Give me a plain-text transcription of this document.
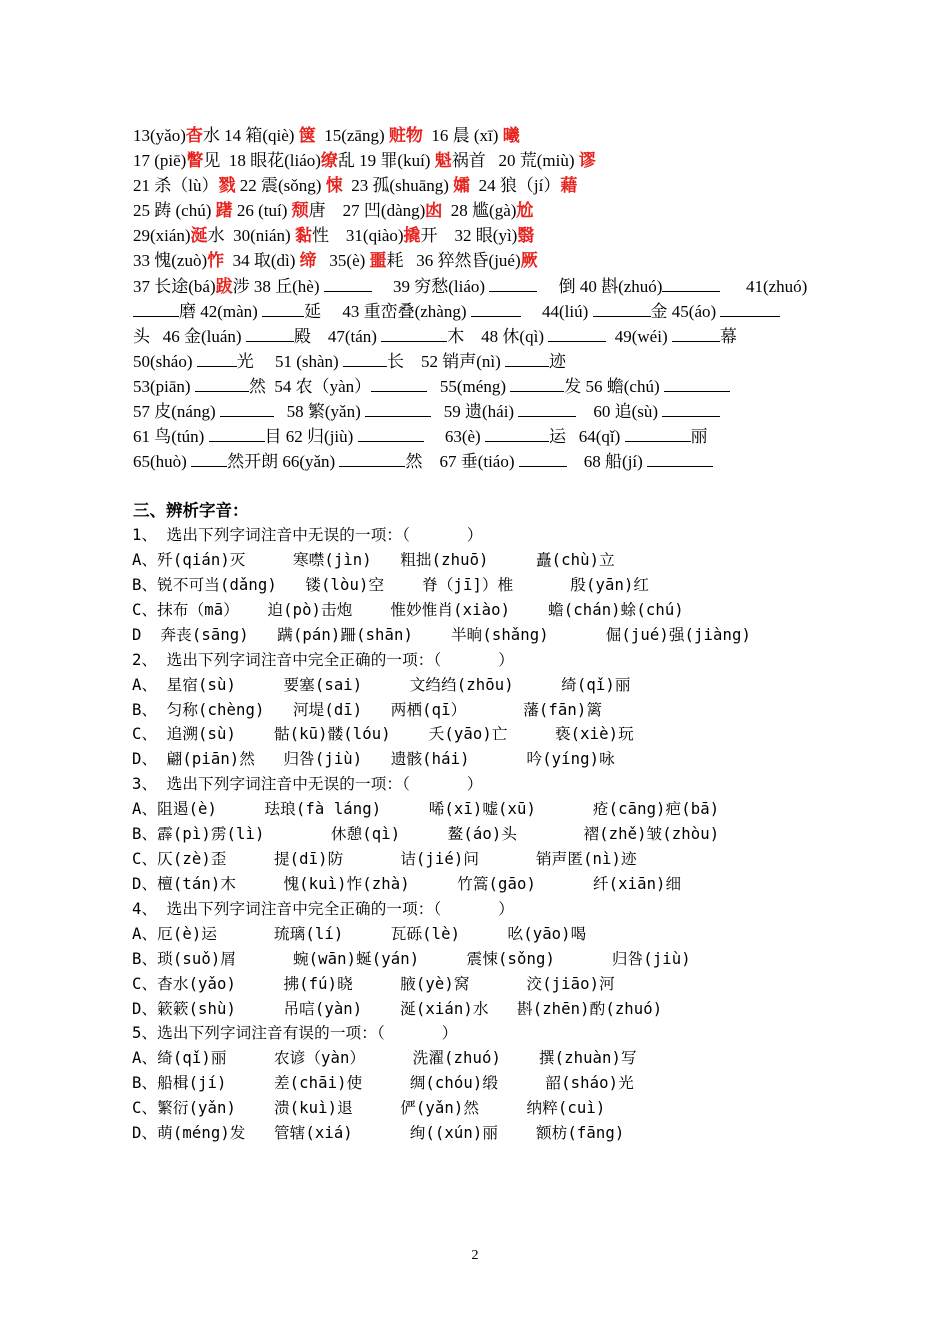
13(yǎo)杳水 14 箱(qiè) 箧  15(zāng) 赃物  16 晨 (xī) 曦
17 (piē)瞥见  18 眼花(liáo)缭乱 19 罪(kuí) 魁祸首   20 荒(miù) 谬
21 杀（lù）戮 22 震(sǒng) 悚  23 孤(shuāng) 孀  24 狼（jí）藉
25 踌 (chú) 躇 26 (tuí) 颓唐    27 凹(dàng)凼  28 尴(gà)尬
29(xián)涎水  30(nián) 黏性    31(qiào)撬开    32 眼(yì)翳
33 愧(zuò)怍  34 取(dì) 缔   35(è) 噩耗   36 猝然昏(jué)厥
37 长途(bá)跋涉 38 丘(hè)	39 穷愁(liáo)	倒 40 斟(zhuó)	41(zhuó)
磨 42(màn) 延     43 重峦叠(zhàng)	44(liú)	金 45(áo)
头   46 金(luán)	殿    47(tán)	木    48 休(qì)	49(wéi)	幕
50(sháo) 光     51 (shàn)	长    52 销声(nì)	迹
53(piān)	然  54 农（yàn）	55(méng)	发 56 蟾(chú)
57 皮(náng)	58 繁(yǎn)	59 遗(hái)	60 追(sù)
61 鸟(tún)	目 62 归(jiù)	63(è)	运   64(qǐ)	丽
65(huò) 然开朗 66(yǎn)	然    67 垂(tiáo)	68 船(jí)
三、辨析字音：
1、 选出下列字词注音中无误的一项：（      ）
A、歼(qián)灭     寒噤(jìn)   粗拙(zhuō)     矗(chù)立
B、锐不可当(dǎng)   镂(lòu)空    脊（jī]）椎      殷(yān)红
C、抹布（mā）   迫(pò)击炮    惟妙惟肖(xiào)    蟾(chán)蜍(chú)
D  奔丧(sāng)   蹒(pán)跚(shān)    半晌(shǎng)      倔(jué)强(jiàng)
2、 选出下列字词注音中完全正确的一项：（      ）
A、 星宿(sù)     要塞(sai)     文绉绉(zhōu)     绮(qǐ)丽
B、 匀称(chèng)   河堤(dī)   两栖(qī）      藩(fān)篱
C、 追溯(sù)    骷(kū)髅(lóu)    夭(yāo)亡     亵(xiè)玩
D、 翩(piān)然   归咎(jiù)   遗骸(hái)      吟(yíng)咏
3、 选出下列字词注音中无误的一项：（      ）
A、阻遏(è)     珐琅(fà láng)     唏(xī)嘘(xū)      疮(cāng)疤(bā)
B、霹(pì)雳(lì)       休憩(qì)     鳌(áo)头       褶(zhě)皱(zhòu)
C、仄(zè)歪     提(dī)防      诘(jié)问      销声匿(nì)迹
D、檀(tán)木     愧(kuì)怍(zhà)     竹篙(gāo)      纤(xiān)细
4、 选出下列字词注音中完全正确的一项：（      ）
A、厄(è)运      琉璃(lí)     瓦砾(lè)     吆(yāo)喝
B、琐(suǒ)屑      蜿(wān)蜒(yán)     震悚(sǒng)      归咎(jiù)
C、杳水(yǎo)     拂(fú)晓     腋(yè)窝      洨(jiāo)河
D、簌簌(shù)     吊唁(yàn)    涎(xián)水   斟(zhēn)酌(zhuó)
5、选出下列字词注音有误的一项：（      ）
A、绮(qǐ)丽     农谚（yàn）     洗濯(zhuó)    撰(zhuàn)写
B、船楫(jí)     差(chāi)使     绸(chóu)缎     韶(sháo)光
C、繁衍(yǎn)    溃(kuì)退     俨(yǎn)然     纳粹(cuì)
D、萌(méng)发   管辖(xiá)      绚((xún)丽    额枋(fāng)
2
